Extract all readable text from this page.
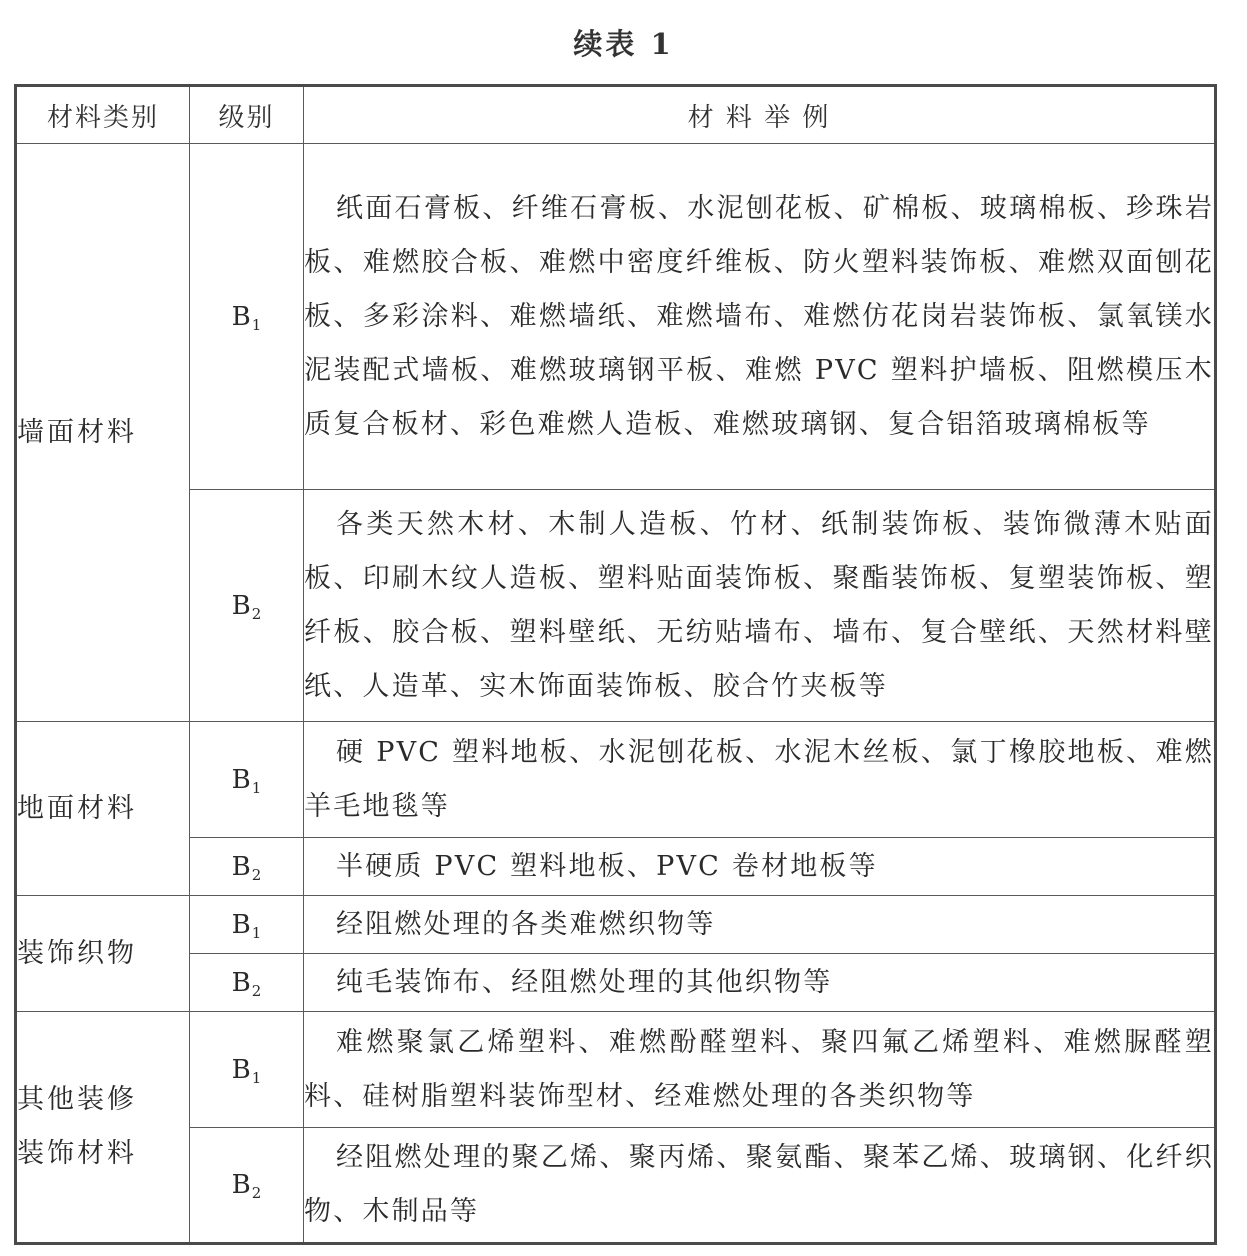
续表 1
材料类别	级别	材 料 举 例
墙面材料	$B_1$	纸面石膏板、纤维石膏板、水泥刨花板、矿棉板、玻璃棉板、珍珠岩板、难燃胶合板、难燃中密度纤维板、防火塑料装饰板、难燃双面刨花板、多彩涂料、难燃墙纸、难燃墙布、难燃仿花岗岩装饰板、氯氧镁水泥装配式墙板、难燃玻璃钢平板、难燃 PVC 塑料护墙板、阻燃模压木质复合板材、彩色难燃人造板、难燃玻璃钢、复合铝箔玻璃棉板等
	$B_2$	各类天然木材、木制人造板、竹材、纸制装饰板、装饰微薄木贴面板、印刷木纹人造板、塑料贴面装饰板、聚酯装饰板、复塑装饰板、塑纤板、胶合板、塑料壁纸、无纺贴墙布、墙布、复合壁纸、天然材料壁纸、人造革、实木饰面装饰板、胶合竹夹板等
地面材料	$B_1$	硬 PVC 塑料地板、水泥刨花板、水泥木丝板、氯丁橡胶地板、难燃羊毛地毯等
	$B_2$	半硬质 PVC 塑料地板、PVC 卷材地板等
装饰织物	$B_1$	经阻燃处理的各类难燃织物等
	$B_2$	纯毛装饰布、经阻燃处理的其他织物等
其他装修装饰材料	$B_1$	难燃聚氯乙烯塑料、难燃酚醛塑料、聚四氟乙烯塑料、难燃脲醛塑料、硅树脂塑料装饰型材、经难燃处理的各类织物等
	$B_2$	经阻燃处理的聚乙烯、聚丙烯、聚氨酯、聚苯乙烯、玻璃钢、化纤织物、木制品等
